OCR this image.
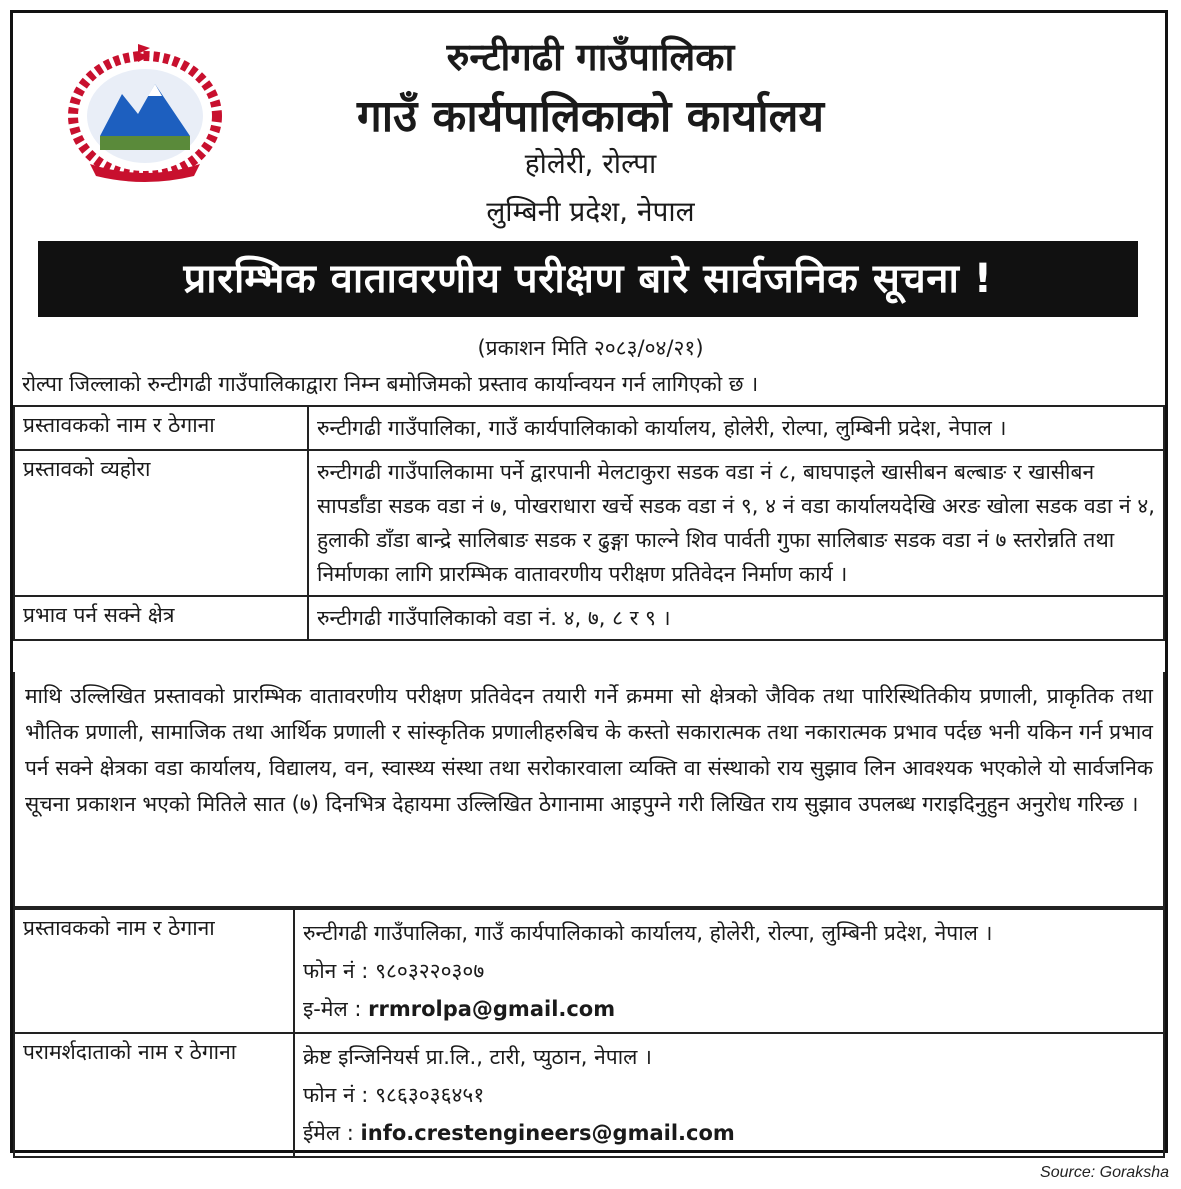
रुन्टीगढी गाउँपालिका
गाउँ कार्यपालिकाको कार्यालय
होलेरी, रोल्पा
लुम्बिनी प्रदेश, नेपाल
प्रारम्भिक वातावरणीय परीक्षण बारे सार्वजनिक सूचना !
(प्रकाशन मिति २०८३/०४/२१)
रोल्पा जिल्लाको रुन्टीगढी गाउँपालिकाद्वारा निम्न बमोजिमको प्रस्ताव कार्यान्वयन गर्न लागिएको छ ।
प्रस्तावकको नाम र ठेगाना	रुन्टीगढी गाउँपालिका, गाउँ कार्यपालिकाको कार्यालय, होलेरी, रोल्पा, लुम्बिनी प्रदेश, नेपाल ।
प्रस्तावको व्यहोरा	रुन्टीगढी गाउँपालिकामा पर्ने द्वारपानी मेलटाकुरा सडक वडा नं ८, बाघपाइले खासीबन बल्बाङ र खासीबन सापर्डाँडा सडक वडा नं ७, पोखराधारा खर्चे सडक वडा नं ९, ४ नं वडा कार्यालयदेखि अरङ खोला सडक वडा नं ४, हुलाकी डाँडा बान्द्रे सालिबाङ सडक र ढुङ्गा फाल्ने शिव पार्वती गुफा सालिबाङ सडक वडा नं ७ स्तरोन्नति तथा निर्माणका लागि प्रारम्भिक वातावरणीय परीक्षण प्रतिवेदन निर्माण कार्य ।
प्रभाव पर्न सक्ने क्षेत्र	रुन्टीगढी गाउँपालिकाको वडा नं. ४, ७, ८ र ९ ।
माथि उल्लिखित प्रस्तावको प्रारम्भिक वातावरणीय परीक्षण प्रतिवेदन तयारी गर्ने क्रममा सो क्षेत्रको जैविक तथा पारिस्थितिकीय प्रणाली, प्राकृतिक तथा भौतिक प्रणाली, सामाजिक तथा आर्थिक प्रणाली र सांस्कृतिक प्रणालीहरुबिच के कस्तो सकारात्मक तथा नकारात्मक प्रभाव पर्दछ भनी यकिन गर्न प्रभाव पर्न सक्ने क्षेत्रका वडा कार्यालय, विद्यालय, वन, स्वास्थ्य संस्था तथा सरोकारवाला व्यक्ति वा संस्थाको राय सुझाव लिन आवश्यक भएकोले यो सार्वजनिक सूचना प्रकाशन भएको मितिले सात (७) दिनभित्र देहायमा उल्लिखित ठेगानामा आइपुग्ने गरी लिखित राय सुझाव उपलब्ध गराइदिनुहुन अनुरोध गरिन्छ ।
प्रस्तावकको नाम र ठेगाना	रुन्टीगढी गाउँपालिका, गाउँ कार्यपालिकाको कार्यालय, होलेरी, रोल्पा, लुम्बिनी प्रदेश, नेपाल ।
फोन नं : ९८०३२२०३०७
इ-मेल : rrmrolpa@gmail.com

परामर्शदाताको नाम र ठेगाना	क्रेष्ट इन्जिनियर्स प्रा.लि., टारी, प्युठान, नेपाल ।
फोन नं : ९८६३०३६४५१
ईमेल : info.crestengineers@gmail.com
Source: Goraksha
